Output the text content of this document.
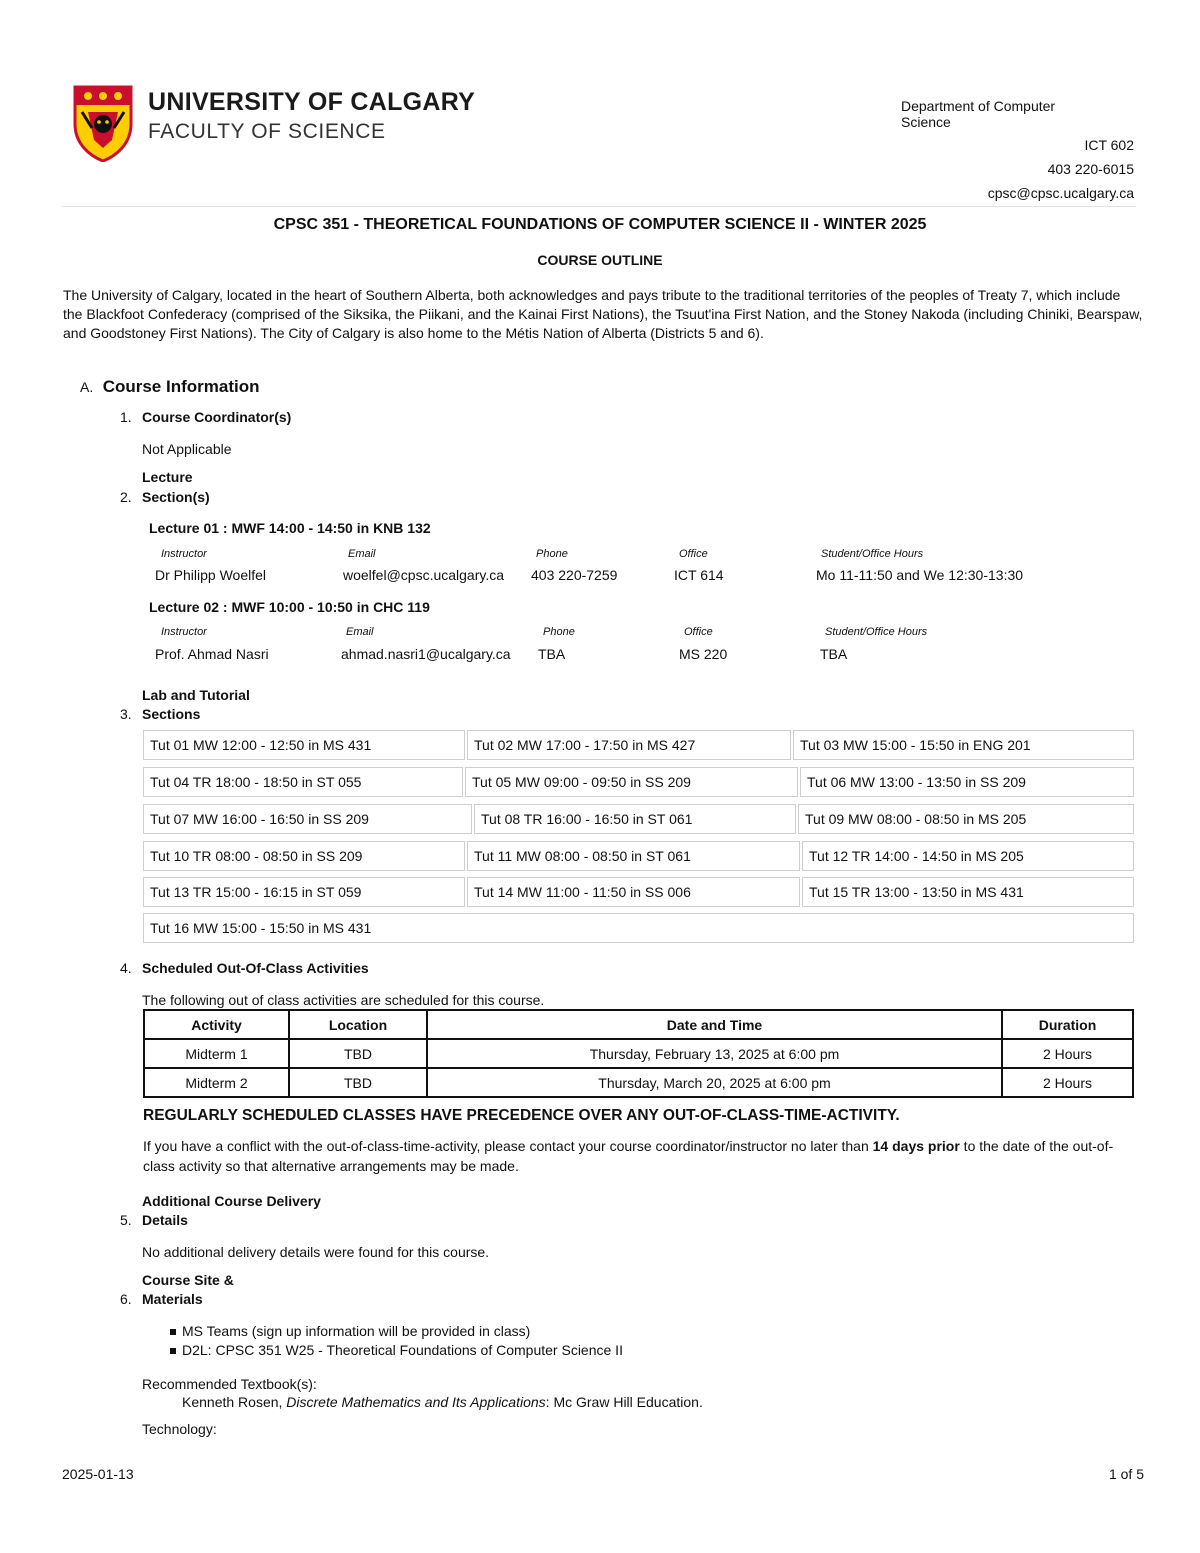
UNIVERSITY OF CALGARY
FACULTY OF SCIENCE
Department of Computer Science
ICT 602
403 220-6015
cpsc@cpsc.ucalgary.ca
CPSC 351 - THEORETICAL FOUNDATIONS OF COMPUTER SCIENCE II - WINTER 2025
COURSE OUTLINE
The University of Calgary, located in the heart of Southern Alberta, both acknowledges and pays tribute to the traditional territories of the peoples of Treaty 7, which include the Blackfoot Confederacy (comprised of the Siksika, the Piikani, and the Kainai First Nations), the Tsuut'ina First Nation, and the Stoney Nakoda (including Chiniki, Bearspaw, and Goodstoney First Nations). The City of Calgary is also home to the Métis Nation of Alberta (Districts 5 and 6).
A. Course Information
1. Course Coordinator(s)
Not Applicable
Lecture
2. Section(s)
Lecture 01 : MWF 14:00 - 14:50 in KNB 132
Instructor	Email	Phone	Office	Student/Office Hours
Dr Philipp Woelfel	woelfel@cpsc.ucalgary.ca 403 220-7259	ICT 614	Mo 11-11:50 and We 12:30-13:30
Lecture 02 : MWF 10:00 - 10:50 in CHC 119
Instructor	Email	Phone	Office	Student/Office Hours
Prof. Ahmad Nasri	ahmad.nasri1@ucalgary.ca TBA	MS 220	TBA
Lab and Tutorial
3. Sections
Tut 01 MW 12:00 - 12:50 in MS 431	Tut 02 MW 17:00 - 17:50 in MS 427	Tut 03 MW 15:00 - 15:50 in ENG 201
Tut 04 TR 18:00 - 18:50 in ST 055	Tut 05 MW 09:00 - 09:50 in SS 209	Tut 06 MW 13:00 - 13:50 in SS 209
Tut 07 MW 16:00 - 16:50 in SS 209	Tut 08 TR 16:00 - 16:50 in ST 061	Tut 09 MW 08:00 - 08:50 in MS 205
Tut 10 TR 08:00 - 08:50 in SS 209	Tut 11 MW 08:00 - 08:50 in ST 061	Tut 12 TR 14:00 - 14:50 in MS 205
Tut 13 TR 15:00 - 16:15 in ST 059	Tut 14 MW 11:00 - 11:50 in SS 006	Tut 15 TR 13:00 - 13:50 in MS 431
Tut 16 MW 15:00 - 15:50 in MS 431
4. Scheduled Out-Of-Class Activities
The following out of class activities are scheduled for this course.
Activity	Location	Date and Time	Duration
Midterm 1	TBD	Thursday, February 13, 2025 at 6:00 pm	2 Hours
Midterm 2	TBD	Thursday, March 20, 2025 at 6:00 pm	2 Hours
REGULARLY SCHEDULED CLASSES HAVE PRECEDENCE OVER ANY OUT-OF-CLASS-TIME-ACTIVITY.
If you have a conflict with the out-of-class-time-activity, please contact your course coordinator/instructor no later than 14 days prior to the date of the out-of-class activity so that alternative arrangements may be made.
Additional Course Delivery
5. Details
No additional delivery details were found for this course.
Course Site &
6. Materials
MS Teams (sign up information will be provided in class)
D2L: CPSC 351 W25 - Theoretical Foundations of Computer Science II
Recommended Textbook(s):
Kenneth Rosen, Discrete Mathematics and Its Applications: Mc Graw Hill Education.
Technology:
2025-01-13	1 of 5
